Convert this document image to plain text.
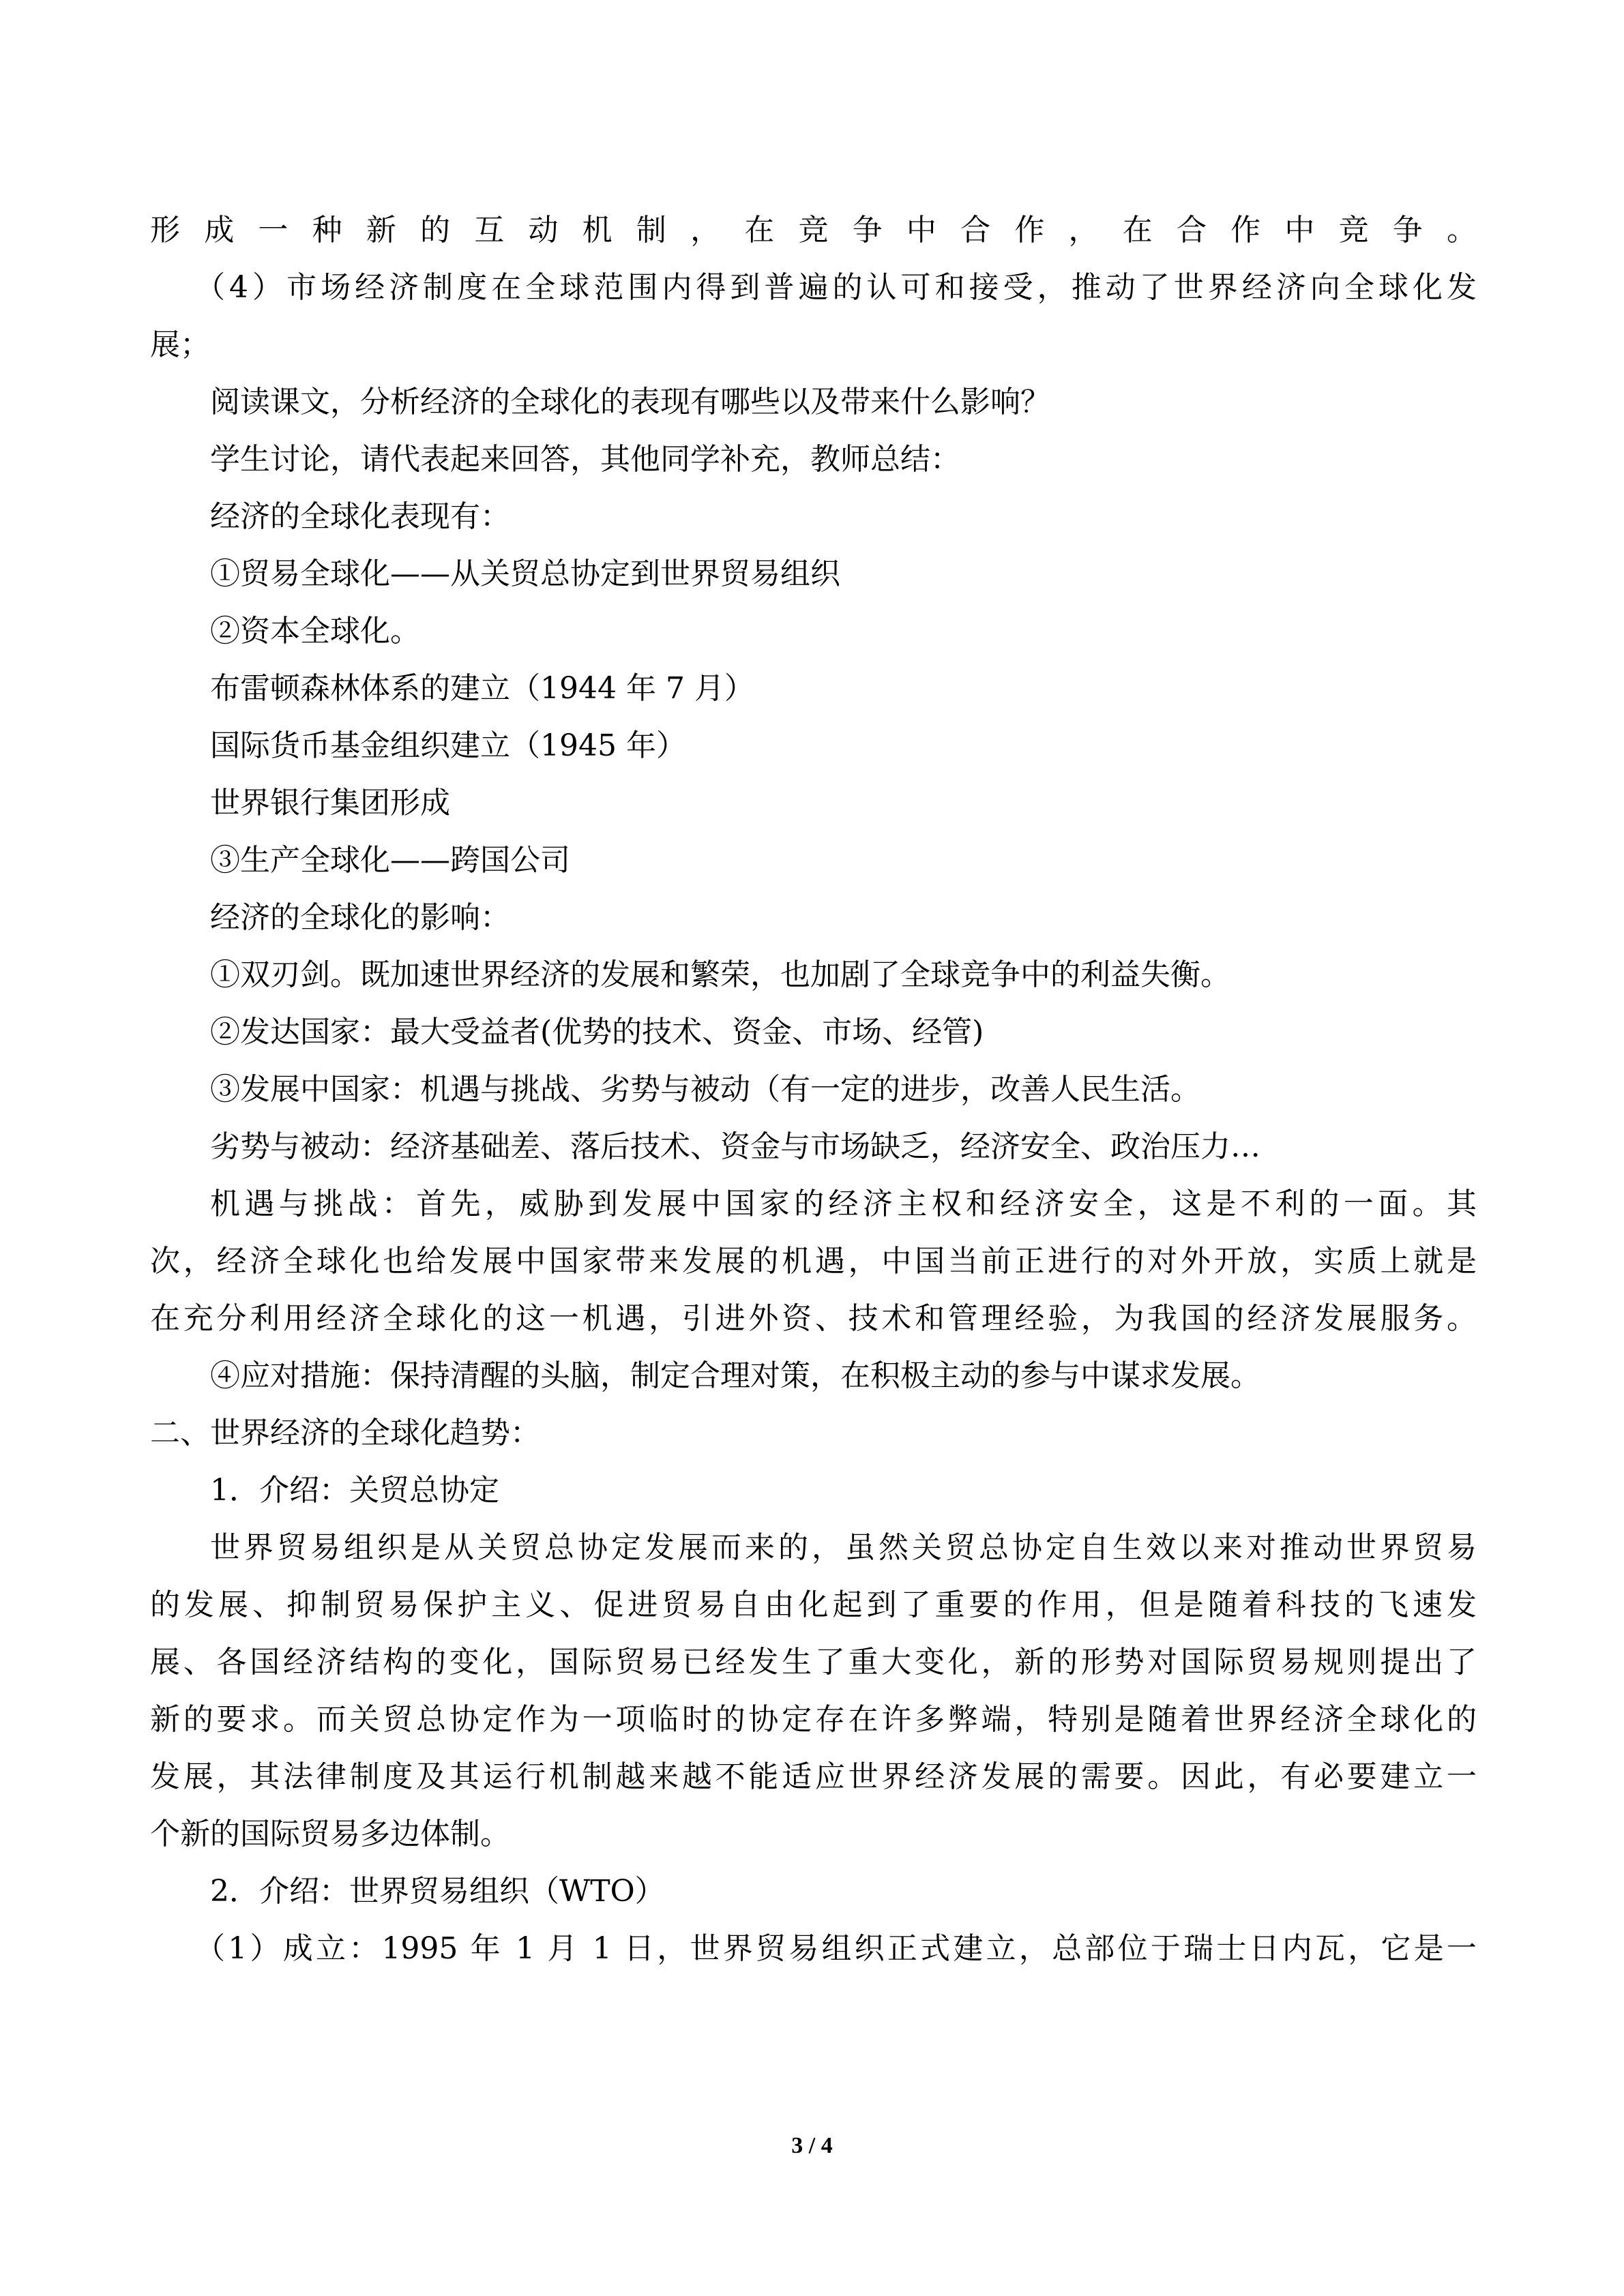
形成一种新的互动机制，在竞争中合作，在合作中竞争。
（4）市场经济制度在全球范围内得到普遍的认可和接受，推动了世界经济向全球化发
展；
阅读课文，分析经济的全球化的表现有哪些以及带来什么影响？
学生讨论，请代表起来回答，其他同学补充，教师总结：
经济的全球化表现有：
①贸易全球化——从关贸总协定到世界贸易组织
②资本全球化。
布雷顿森林体系的建立（1944 年 7 月）
国际货币基金组织建立（1945 年）
世界银行集团形成
③生产全球化——跨国公司
经济的全球化的影响：
①双刃剑。既加速世界经济的发展和繁荣，也加剧了全球竞争中的利益失衡。
②发达国家：最大受益者(优势的技术、资金、市场、经管)
③发展中国家：机遇与挑战、劣势与被动（有一定的进步，改善人民生活。
劣势与被动：经济基础差、落后技术、资金与市场缺乏，经济安全、政治压力…
机遇与挑战：首先，威胁到发展中国家的经济主权和经济安全，这是不利的一面。其
次，经济全球化也给发展中国家带来发展的机遇，中国当前正进行的对外开放，实质上就是
在充分利用经济全球化的这一机遇，引进外资、技术和管理经验，为我国的经济发展服务。
④应对措施：保持清醒的头脑，制定合理对策，在积极主动的参与中谋求发展。
二、世界经济的全球化趋势：
1．介绍：关贸总协定
世界贸易组织是从关贸总协定发展而来的，虽然关贸总协定自生效以来对推动世界贸易
的发展、抑制贸易保护主义、促进贸易自由化起到了重要的作用，但是随着科技的飞速发
展、各国经济结构的变化，国际贸易已经发生了重大变化，新的形势对国际贸易规则提出了
新的要求。而关贸总协定作为一项临时的协定存在许多弊端，特别是随着世界经济全球化的
发展，其法律制度及其运行机制越来越不能适应世界经济发展的需要。因此，有必要建立一
个新的国际贸易多边体制。
2．介绍：世界贸易组织（WTO）
（1）成立：1995 年 1 月 1 日，世界贸易组织正式建立，总部位于瑞士日内瓦，它是一
3 / 4
